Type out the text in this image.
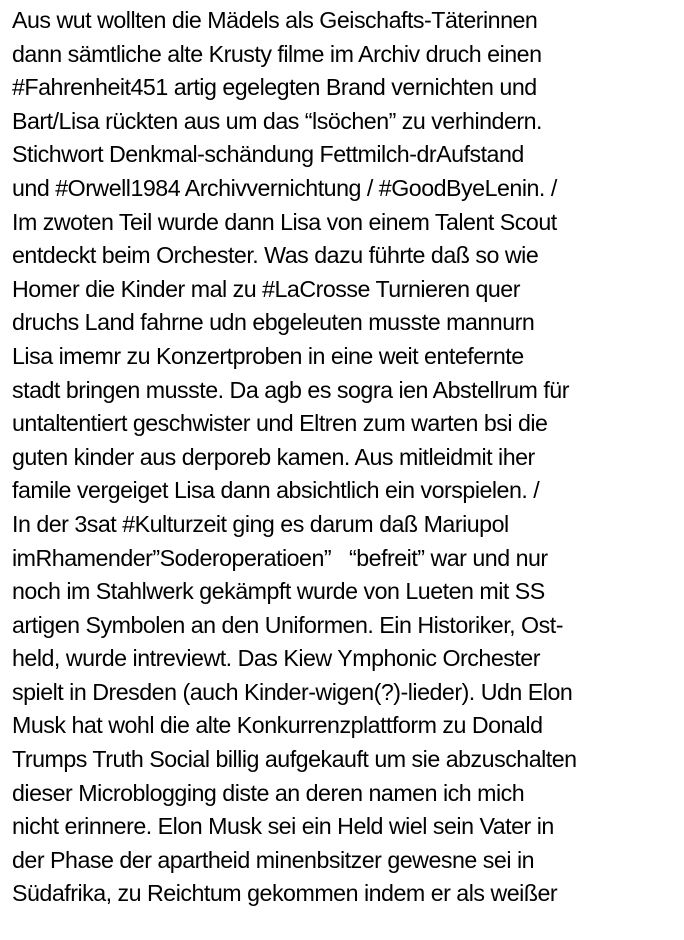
Aus wut wollten die Mädels als Geischafts-Täterinnen
dann sämtliche alte Krusty filme im Archiv druch einen
#Fahrenheit451 artig egelegten Brand vernichten und
Bart/Lisa rückten aus um das “lsöchen” zu verhindern.
Stichwort Denkmal-schändung Fettmilch-drAufstand
und #Orwell1984 Archivvernichtung / #GoodByeLenin. /
Im zwoten Teil wurde dann Lisa von einem Talent Scout
entdeckt beim Orchester. Was dazu führte daß so wie
Homer die Kinder mal zu #LaCrosse Turnieren quer
druchs Land fahrne udn ebgeleuten musste mannurn
Lisa imemr zu Konzertproben in eine weit entefernte
stadt bringen musste. Da agb es sogra ien Abstellrum für
untaltentiert geschwister und Eltren zum warten bsi die
guten kinder aus derporeb kamen. Aus mitleidmit iher
famile vergeiget Lisa dann absichtlich ein vorspielen. /
In der 3sat #Kulturzeit ging es darum daß Mariupol
imRhamender”Soderoperatioen”   “befreit” war und nur
noch im Stahlwerk gekämpft wurde von Lueten mit SS
artigen Symbolen an den Uniformen. Ein Historiker, Ost-
held, wurde intreviewt. Das Kiew Ymphonic Orchester
spielt in Dresden (auch Kinder-wigen(?)-lieder). Udn Elon
Musk hat wohl die alte Konkurrenzplattform zu Donald
Trumps Truth Social billig aufgekauft um sie abzuschalten
dieser Microblogging diste an deren namen ich mich
nicht erinnere. Elon Musk sei ein Held wiel sein Vater in
der Phase der apartheid minenbsitzer gewesne sei in
Südafrika, zu Reichtum gekommen indem er als weißer
